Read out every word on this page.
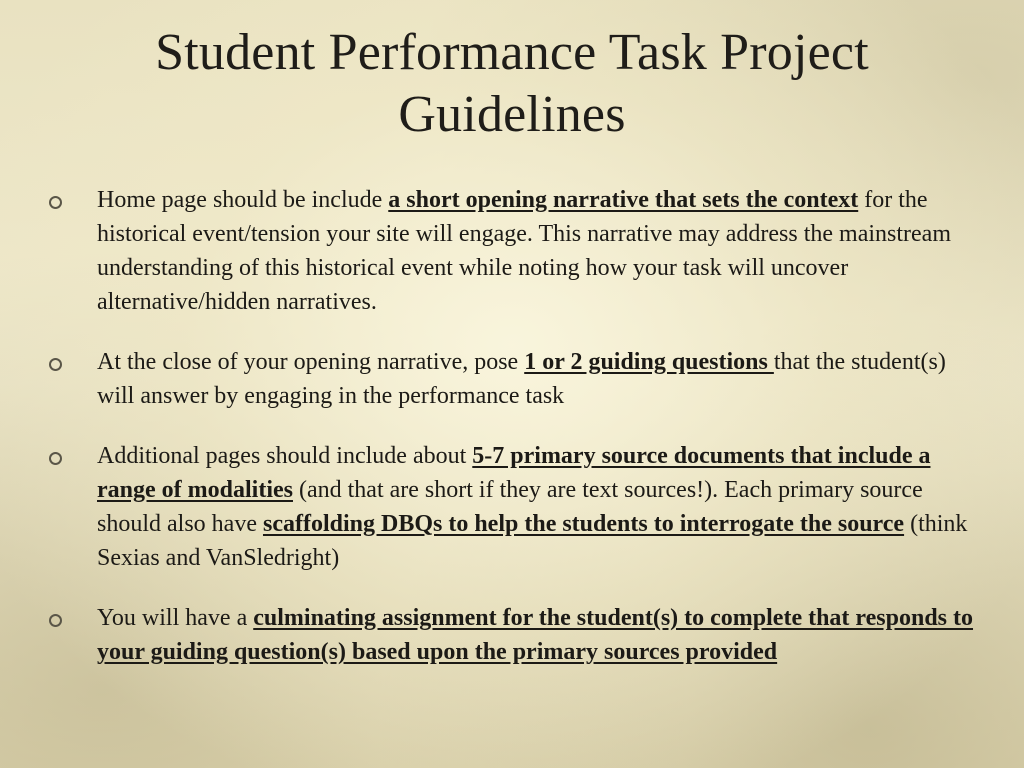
Student Performance Task Project Guidelines
Home page should be include a short opening narrative that sets the context for the historical event/tension your site will engage. This narrative may address the mainstream understanding of this historical event while noting how your task will uncover alternative/hidden narratives.
At the close of your opening narrative, pose 1 or 2 guiding questions that the student(s) will answer by engaging in the performance task
Additional pages should include about 5-7 primary source documents that include a range of modalities (and that are short if they are text sources!). Each primary source should also have scaffolding DBQs to help the students to interrogate the source (think Sexias and VanSledright)
You will have a culminating assignment for the student(s) to complete that responds to your guiding question(s) based upon the primary sources provided
